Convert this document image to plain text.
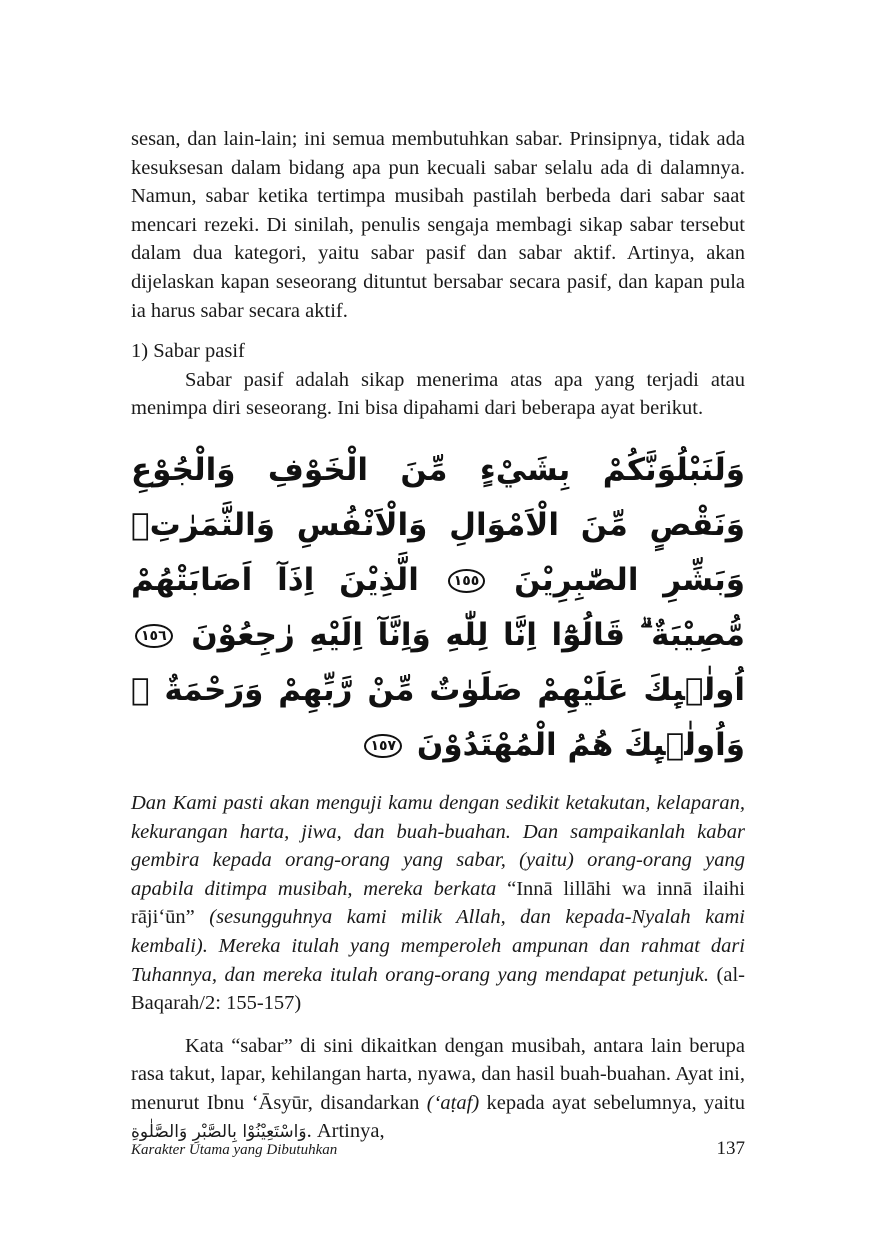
sesan, dan lain-lain; ini semua membutuhkan sabar. Prinsipnya, tidak ada kesuksesan dalam bidang apa pun kecuali sabar selalu ada di dalamnya. Namun, sabar ketika tertimpa musibah pastilah berbeda dari sabar saat mencari rezeki. Di sinilah, penulis sengaja membagi sikap sabar tersebut dalam dua kategori, yaitu sabar pasif dan sabar aktif. Artinya, akan dijelaskan kapan seseorang dituntut bersabar secara pasif, dan kapan pula ia harus sabar secara aktif.

1) Sabar pasif

Sabar pasif adalah sikap menerima atas apa yang terjadi atau menimpa diri seseorang. Ini bisa dipahami dari beberapa ayat berikut.

وَلَنَبْلُوَنَّكُمْ بِشَيْءٍ مِّنَ الْخَوْفِ وَالْجُوْعِ وَنَقْصٍ مِّنَ الْاَمْوَالِ وَالْاَنْفُسِ وَالثَّمَرٰتِۗ وَبَشِّرِ الصّٰبِرِيْنَ ١٥٥ الَّذِيْنَ اِذَآ اَصَابَتْهُمْ مُّصِيْبَةٌ ۗ قَالُوْٓا اِنَّا لِلّٰهِ وَاِنَّآ اِلَيْهِ رٰجِعُوْنَ ١٥٦ اُولٰۤىِٕكَ عَلَيْهِمْ صَلَوٰتٌ مِّنْ رَّبِّهِمْ وَرَحْمَةٌ ۗ وَاُولٰۤىِٕكَ هُمُ الْمُهْتَدُوْنَ ١٥٧

Dan Kami pasti akan menguji kamu dengan sedikit ketakutan, kelaparan, kekurangan harta, jiwa, dan buah-buahan. Dan sampaikanlah kabar gembira kepada orang-orang yang sabar, (yaitu) orang-orang yang apabila ditimpa musibah, mereka berkata “Innā lillāhi wa innā ilaihi rāji‘ūn” (sesungguhnya kami milik Allah, dan kepada-Nyalah kami kembali). Mereka itulah yang memperoleh ampunan dan rahmat dari Tuhannya, dan mereka itulah orang-orang yang mendapat petunjuk. (al-Baqarah/2: 155-157)

Kata “sabar” di sini dikaitkan dengan musibah, antara lain berupa rasa takut, lapar, kehilangan harta, nyawa, dan hasil buah-buahan. Ayat ini, menurut Ibnu ‘Āsyūr, disandarkan (‘aṭaf) kepada ayat sebelumnya, yaitu وَاسْتَعِيْنُوْا بِالصَّبْرِ وَالصَّلٰوةِ. Artinya,

Karakter Utama yang Dibutuhkan	137
